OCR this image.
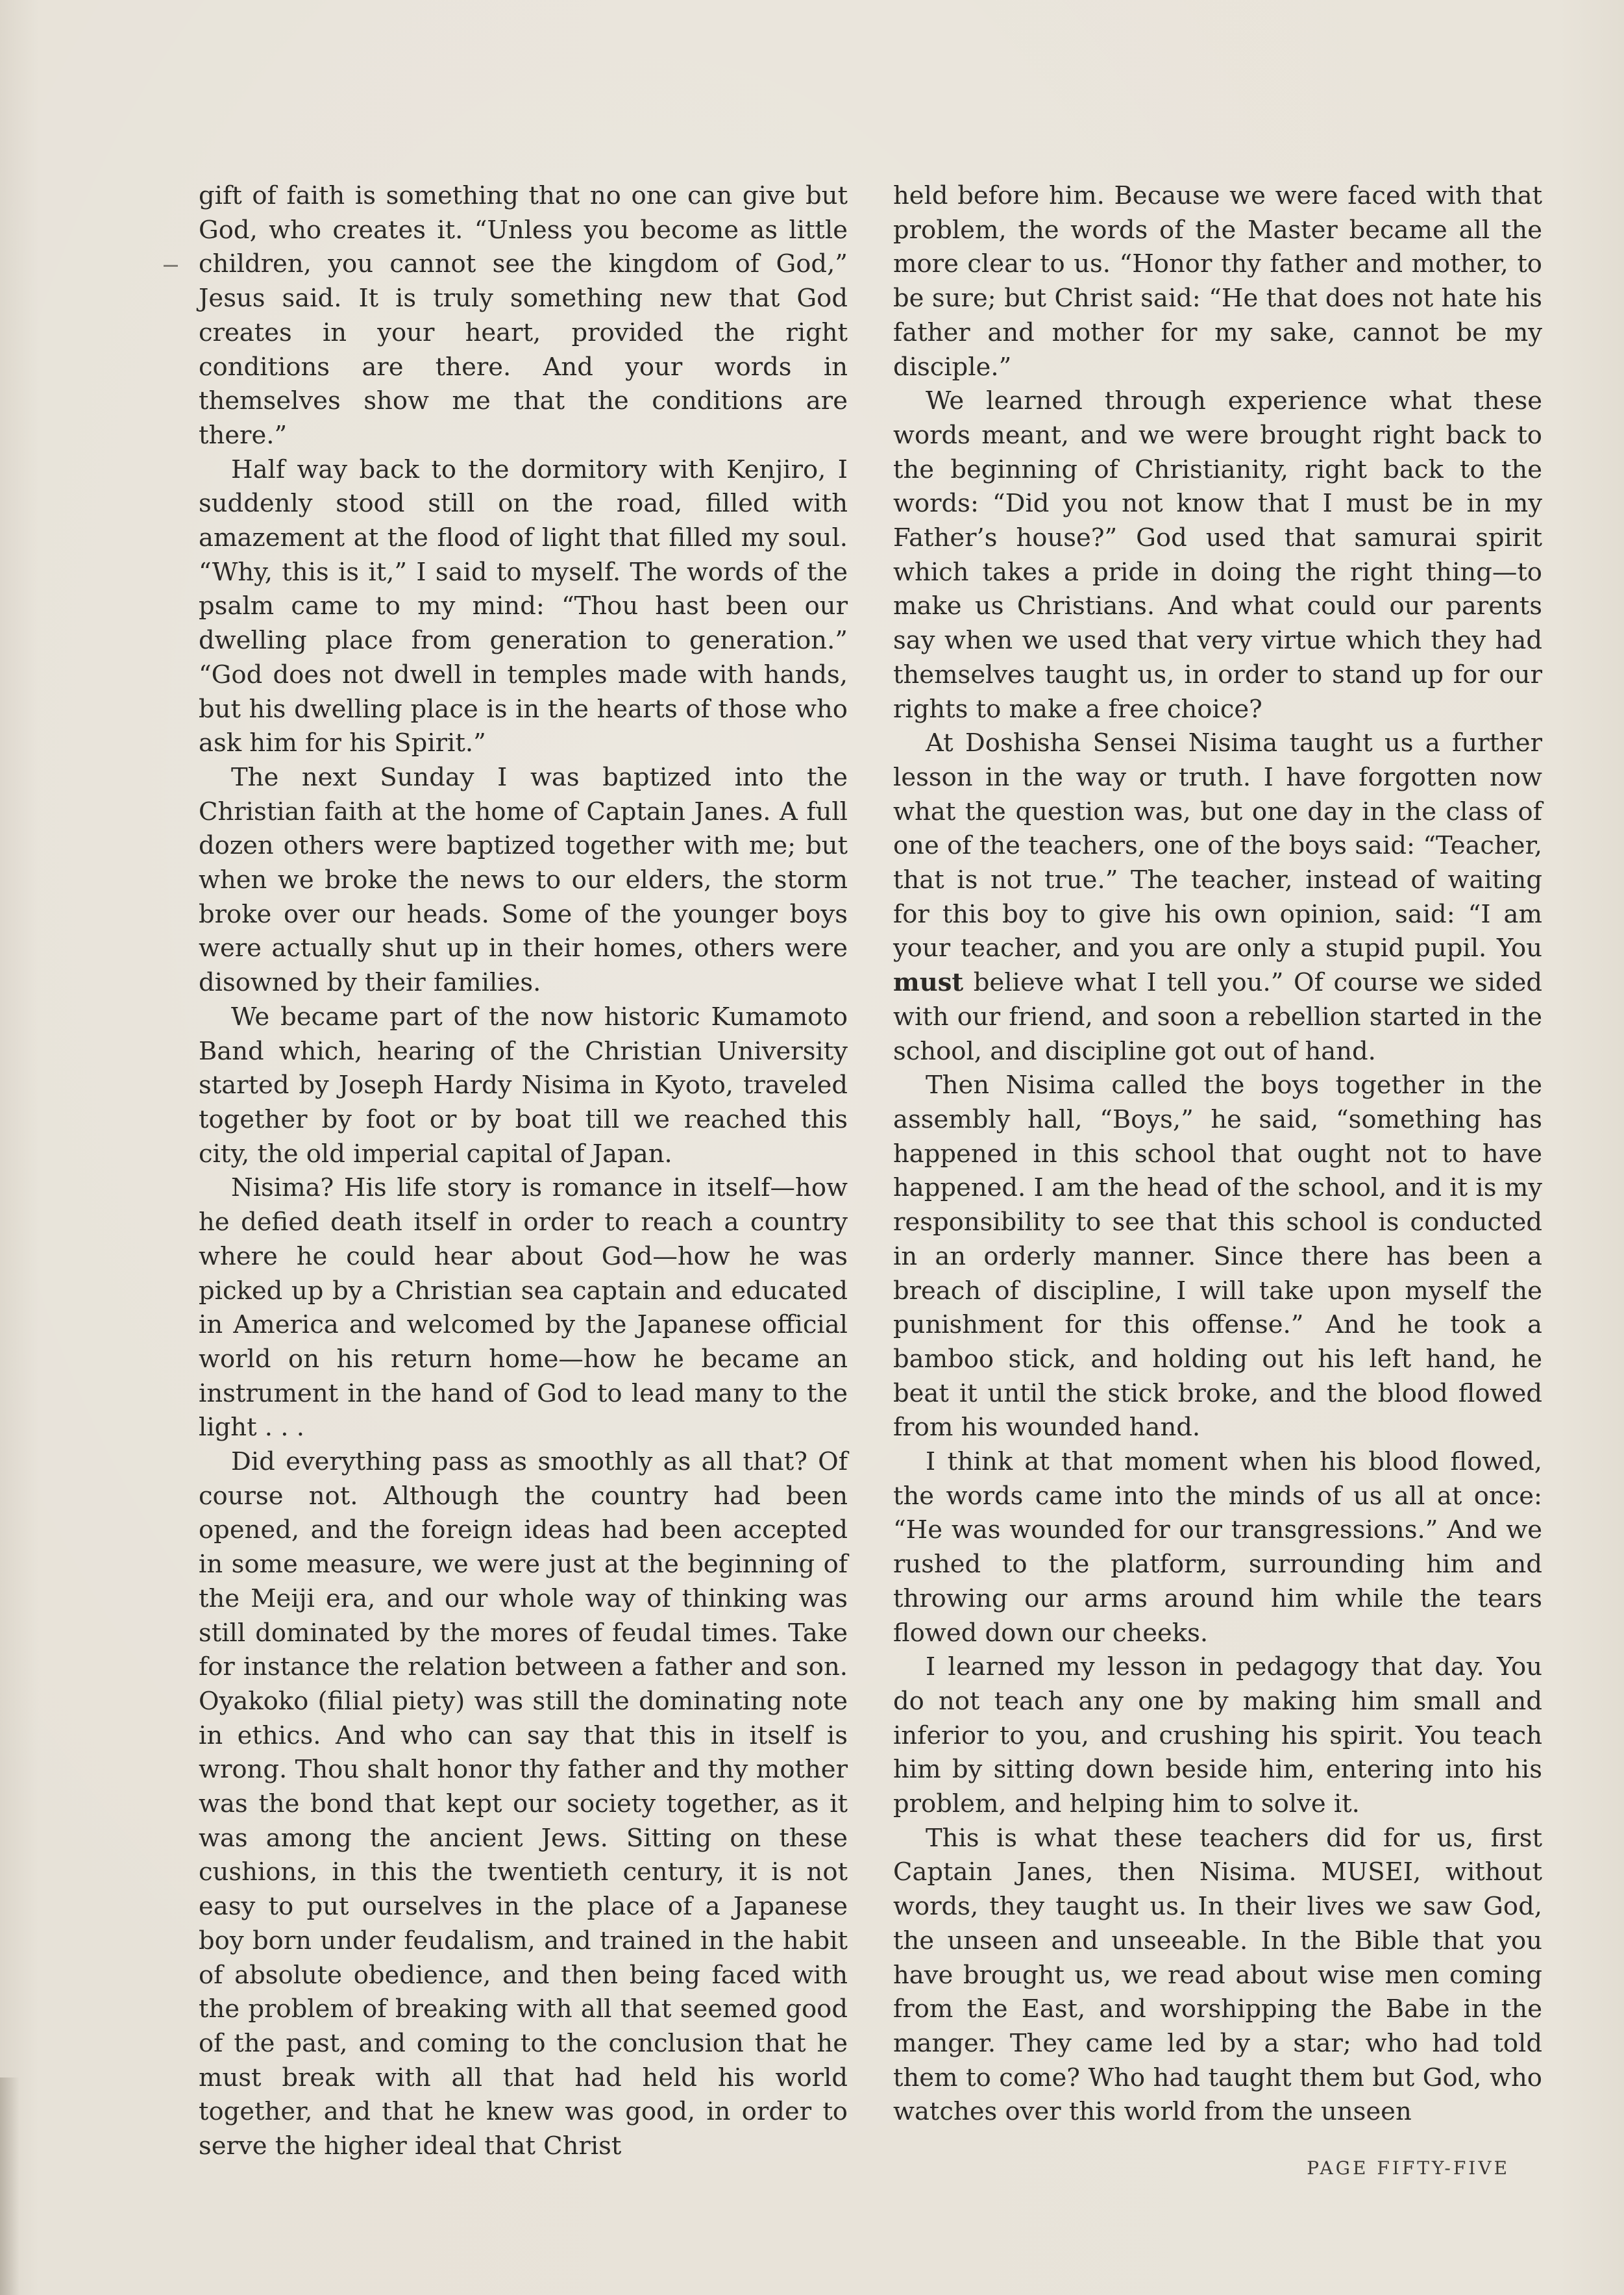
gift of faith is something that no one can give but God, who creates it. “Unless you become as little children, you cannot see the kingdom of God,” Jesus said. It is truly something new that God creates in your heart, provided the right conditions are there. And your words in themselves show me that the conditions are there.”

Half way back to the dormitory with Kenjiro, I suddenly stood still on the road, filled with amazement at the flood of light that filled my soul. “Why, this is it,” I said to myself. The words of the psalm came to my mind: “Thou hast been our dwelling place from generation to generation.” “God does not dwell in temples made with hands, but his dwelling place is in the hearts of those who ask him for his Spirit.”

The next Sunday I was baptized into the Christian faith at the home of Captain Janes. A full dozen others were baptized together with me; but when we broke the news to our elders, the storm broke over our heads. Some of the younger boys were actually shut up in their homes, others were disowned by their families.

We became part of the now historic Kumamoto Band which, hearing of the Christian University started by Joseph Hardy Nisima in Kyoto, traveled together by foot or by boat till we reached this city, the old imperial capital of Japan.

Nisima? His life story is romance in itself—how he defied death itself in order to reach a country where he could hear about God—how he was picked up by a Christian sea captain and educated in America and welcomed by the Japanese official world on his return home—how he became an instrument in the hand of God to lead many to the light . . .

Did everything pass as smoothly as all that? Of course not. Although the country had been opened, and the foreign ideas had been accepted in some measure, we were just at the beginning of the Meiji era, and our whole way of thinking was still dominated by the mores of feudal times. Take for instance the relation between a father and son. Oyakoko (filial piety) was still the dominating note in ethics. And who can say that this in itself is wrong. Thou shalt honor thy father and thy mother was the bond that kept our society together, as it was among the ancient Jews. Sitting on these cushions, in this the twentieth century, it is not easy to put ourselves in the place of a Japanese boy born under feudalism, and trained in the habit of absolute obedience, and then being faced with the problem of breaking with all that seemed good of the past, and coming to the conclusion that he must break with all that had held his world together, and that he knew was good, in order to serve the higher ideal that Christ

held before him. Because we were faced with that problem, the words of the Master became all the more clear to us. “Honor thy father and mother, to be sure; but Christ said: “He that does not hate his father and mother for my sake, cannot be my disciple.”

We learned through experience what these words meant, and we were brought right back to the beginning of Christianity, right back to the words: “Did you not know that I must be in my Father’s house?” God used that samurai spirit which takes a pride in doing the right thing—to make us Christians. And what could our parents say when we used that very virtue which they had themselves taught us, in order to stand up for our rights to make a free choice?

At Doshisha Sensei Nisima taught us a further lesson in the way or truth. I have forgotten now what the question was, but one day in the class of one of the teachers, one of the boys said: “Teacher, that is not true.” The teacher, instead of waiting for this boy to give his own opinion, said: “I am your teacher, and you are only a stupid pupil. You must believe what I tell you.” Of course we sided with our friend, and soon a rebellion started in the school, and discipline got out of hand.

Then Nisima called the boys together in the assembly hall, “Boys,” he said, “something has happened in this school that ought not to have happened. I am the head of the school, and it is my responsibility to see that this school is conducted in an orderly manner. Since there has been a breach of discipline, I will take upon myself the punishment for this offense.” And he took a bamboo stick, and holding out his left hand, he beat it until the stick broke, and the blood flowed from his wounded hand.

I think at that moment when his blood flowed, the words came into the minds of us all at once: “He was wounded for our transgressions.” And we rushed to the platform, surrounding him and throwing our arms around him while the tears flowed down our cheeks.

I learned my lesson in pedagogy that day. You do not teach any one by making him small and inferior to you, and crushing his spirit. You teach him by sitting down beside him, entering into his problem, and helping him to solve it.

This is what these teachers did for us, first Captain Janes, then Nisima. MUSEI, without words, they taught us. In their lives we saw God, the unseen and unseeable. In the Bible that you have brought us, we read about wise men coming from the East, and worshipping the Babe in the manger. They came led by a star; who had told them to come? Who had taught them but God, who watches over this world from the unseen

PAGE FIFTY-FIVE
